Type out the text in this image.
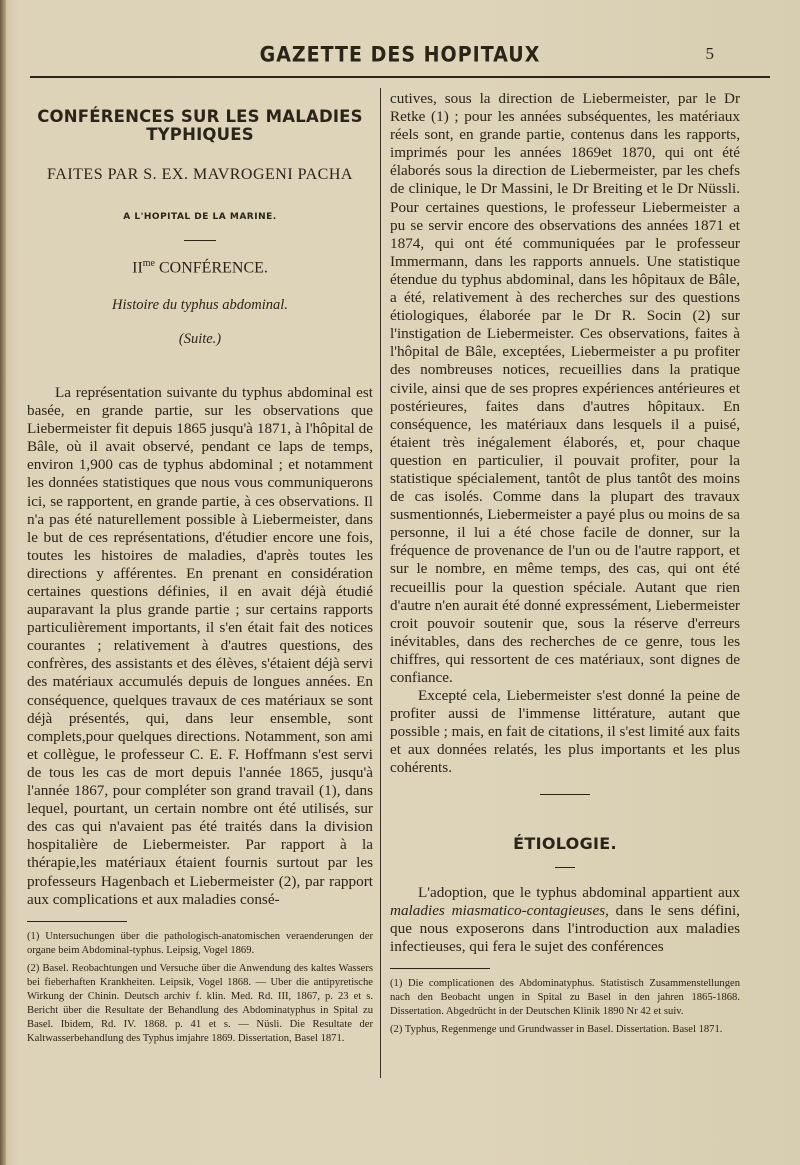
GAZETTE DES HOPITAUX	5
CONFÉRENCES SUR LES MALADIES TYPHIQUES
FAITES PAR S. EX. MAVROGENI PACHA
A L'HOPITAL DE LA MARINE.
$II^{me}$ CONFÉRENCE.
Histoire du typhus abdominal.
(Suite.)

La représentation suivante du typhus abdominal est basée, en grande partie, sur les observations que Liebermeister fit depuis 1865 jusqu'à 1871, à l'hôpital de Bâle, où il avait observé, pendant ce laps de temps, environ 1,900 cas de typhus abdominal ; et notamment les données statistiques que nous vous communiquerons ici, se rapportent, en grande partie, à ces observations. Il n'a pas été naturellement possible à Liebermeister, dans le but de ces représentations, d'étudier encore une fois, toutes les histoires de maladies, d'après toutes les directions y afférentes. En prenant en considération certaines questions définies, il en avait déjà étudié auparavant la plus grande partie ; sur certains rapports particulièrement importants, il s'en était fait des notices courantes ; relativement à d'autres questions, des confrères, des assistants et des élèves, s'étaient déjà servi des matériaux accumulés depuis de longues années. En conséquence, quelques travaux de ces matériaux se sont déjà présentés, qui, dans leur ensemble, sont complets,pour quelques directions. Notamment, son ami et collègue, le professeur C. E. F. Hoffmann s'est servi de tous les cas de mort depuis l'année 1865, jusqu'à l'année 1867, pour compléter son grand travail (1), dans lequel, pourtant, un certain nombre ont été utilisés, sur des cas qui n'avaient pas été traités dans la division hospitalière de Liebermeister. Par rapport à la thérapie,les matériaux étaient fournis surtout par les professeurs Hagenbach et Liebermeister (2), par rapport aux complications et aux maladies consé-

(1) Untersuchungen über die pathologisch-anatomischen veraenderungen der organe beim Abdominal-typhus. Leipsig, Vogel 1869.

(2) Basel. Reobachtungen und Versuche über die Anwendung des kaltes Wassers bei fieberhaften Krankheiten. Leipsik, Vogel 1868. — Uber die antipyretische Wirkung der Chinin. Deutsch archiv f. klin. Med. Rd. III, 1867, p. 23 et s. Bericht über die Resultate der Behandlung des Abdominatyphus in Spital zu Basel. Ibidem, Rd. IV. 1868. p. 41 et s. — Nüsli. Die Resultate der Kaltwasserbehandlung des Typhus imjahre 1869. Dissertation, Basel 1871.

cutives, sous la direction de Liebermeister, par le Dr Retke (1) ; pour les années subséquentes, les matériaux réels sont, en grande partie, contenus dans les rapports, imprimés pour les années 1869et 1870, qui ont été élaborés sous la direction de Liebermeister, par les chefs de clinique, le Dr Massini, le Dr Breiting et le Dr Nüssli. Pour certaines questions, le professeur Liebermeister a pu se servir encore des observations des années 1871 et 1874, qui ont été communiquées par le professeur Immermann, dans les rapports annuels. Une statistique étendue du typhus abdominal, dans les hôpitaux de Bâle, a été, relativement à des recherches sur des questions étiologiques, élaborée par le Dr R. Socin (2) sur l'instigation de Liebermeister. Ces observations, faites à l'hôpital de Bâle, exceptées, Liebermeister a pu profiter des nombreuses notices, recueillies dans la pratique civile, ainsi que de ses propres expériences antérieures et postérieures, faites dans d'autres hôpitaux. En conséquence, les matériaux dans lesquels il a puisé, étaient très inégalement élaborés, et, pour chaque question en particulier, il pouvait profiter, pour la statistique spécialement, tantôt de plus tantôt des moins de cas isolés. Comme dans la plupart des travaux susmentionnés, Liebermeister a payé plus ou moins de sa personne, il lui a été chose facile de donner, sur la fréquence de provenance de l'un ou de l'autre rapport, et sur le nombre, en même temps, des cas, qui ont été recueillis pour la question spéciale. Autant que rien d'autre n'en aurait été donné expressément, Liebermeister croit pouvoir soutenir que, sous la réserve d'erreurs inévitables, dans des recherches de ce genre, tous les chiffres, qui ressortent de ces matériaux, sont dignes de confiance.

Excepté cela, Liebermeister s'est donné la peine de profiter aussi de l'immense littérature, autant que possible ; mais, en fait de citations, il s'est limité aux faits et aux données relatés, les plus importants et les plus cohérents.

ÉTIOLOGIE.

L'adoption, que le typhus abdominal appartient aux maladies miasmatico-contagieuses, dans le sens défini, que nous exposerons dans l'introduction aux maladies infectieuses, qui fera le sujet des conférences

(1) Die complicationen des Abdominatyphus. Statistisch Zusammenstellungen nach den Beobacht ungen in Spital zu Basel in den jahren 1865-1868. Dissertation. Abgedrücht in der Deutschen Klinik 1890 Nr 42 et suiv.

(2) Typhus, Regenmenge und Grundwasser in Basel. Dissertation. Basel 1871.
